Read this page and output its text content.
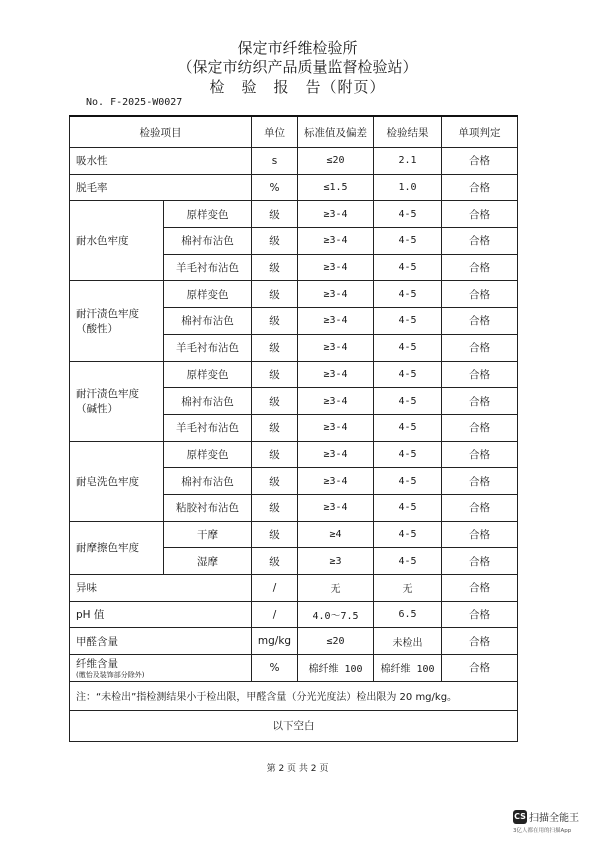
保定市纤维检验所
（保定市纺织产品质量监督检验站）
检　验　报　告（附页）
No. F-2025-W0027
检验项目		单位	标准值及偏差	检验结果	单项判定
吸水性		s	≤20	2.1	合格
脱毛率		%	≤1.5	1.0	合格

耐水色牢度	原样变色	级	≥3-4	4-5	合格
	棉衬布沾色	级	≥3-4	4-5	合格
	羊毛衬布沾色	级	≥3-4	4-5	合格

耐汗渍色牢度
（酸性）	原样变色	级	≥3-4	4-5	合格
	棉衬布沾色	级	≥3-4	4-5	合格
	羊毛衬布沾色	级	≥3-4	4-5	合格

耐汗渍色牢度
（碱性）	原样变色	级	≥3-4	4-5	合格
	棉衬布沾色	级	≥3-4	4-5	合格
	羊毛衬布沾色	级	≥3-4	4-5	合格

耐皂洗色牢度	原样变色	级	≥3-4	4-5	合格
	棉衬布沾色	级	≥3-4	4-5	合格
	粘胶衬布沾色	级	≥3-4	4-5	合格

耐摩擦色牢度	干摩	级	≥4	4-5	合格
	湿摩	级	≥3	4-5	合格
异味		/	无	无	合格
pH 值		/	4.0～7.5	6.5	合格
甲醛含量		mg/kg	≤20	未检出	合格
纤维含量
(缴怡及装饰部分除外)		%	棉纤维 100	棉纤维 100	合格
注：“未检出”指检测结果小于检出限，甲醛含量（分光光度法）检出限为 20 mg/kg。					
以下空白					
第 2 页 共 2 页
CS 扫描全能王
3亿人都在用的扫描App
